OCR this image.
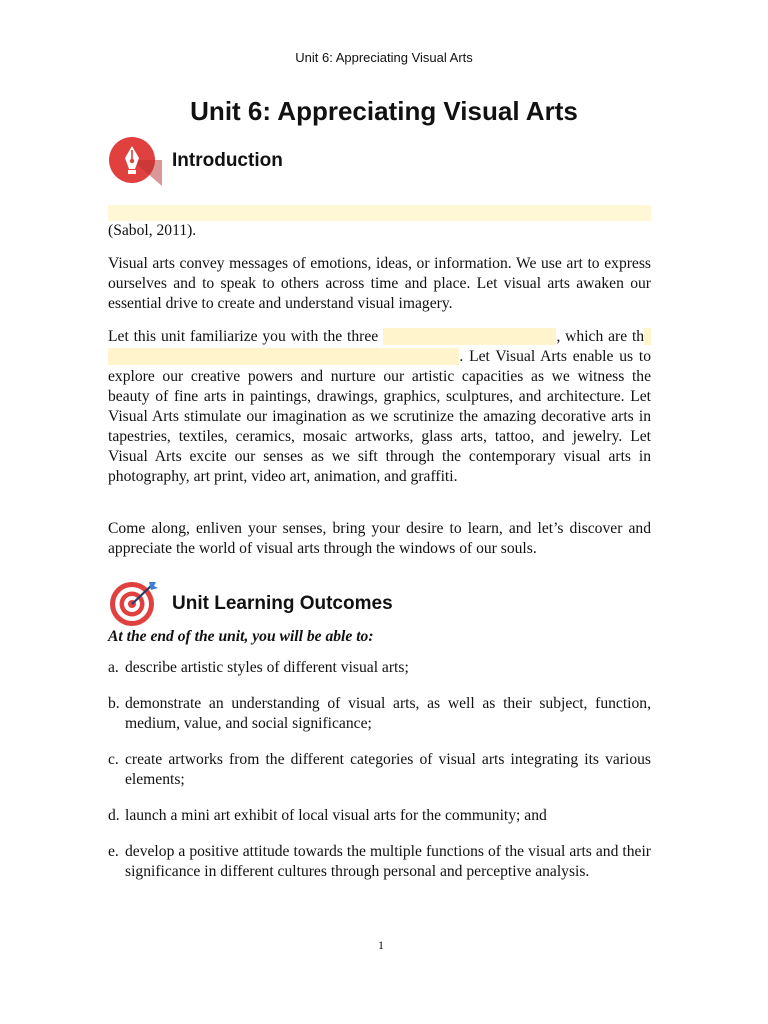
Unit 6: Appreciating Visual Arts
Unit 6: Appreciating Visual Arts
Introduction

(Sabol, 2011).

Visual arts convey messages of emotions, ideas, or information. We use art to express ourselves and to speak to others across time and place. Let visual arts awaken our essential drive to create and understand visual imagery.

Let this unit familiarize you with the three	, which are th. Let Visual Arts enable us to explore our creative powers and nurture our artistic capacities as we witness the beauty of fine arts in paintings, drawings, graphics, sculptures, and architecture. Let Visual Arts stimulate our imagination as we scrutinize the amazing decorative arts in tapestries, textiles, ceramics, mosaic artworks, glass arts, tattoo, and jewelry. Let Visual Arts excite our senses as we sift through the contemporary visual arts in photography, art print, video art, animation, and graffiti.

Come along, enliven your senses, bring your desire to learn, and let’s discover and appreciate the world of visual arts through the windows of our souls.

Unit Learning Outcomes

At the end of the unit, you will be able to:

a. describe artistic styles of different visual arts;
b. demonstrate an understanding of visual arts, as well as their subject, function, medium, value, and social significance;
c. create artworks from the different categories of visual arts integrating its various elements;
d. launch a mini art exhibit of local visual arts for the community; and
e. develop a positive attitude towards the multiple functions of the visual arts and their significance in different cultures through personal and perceptive analysis.
1
